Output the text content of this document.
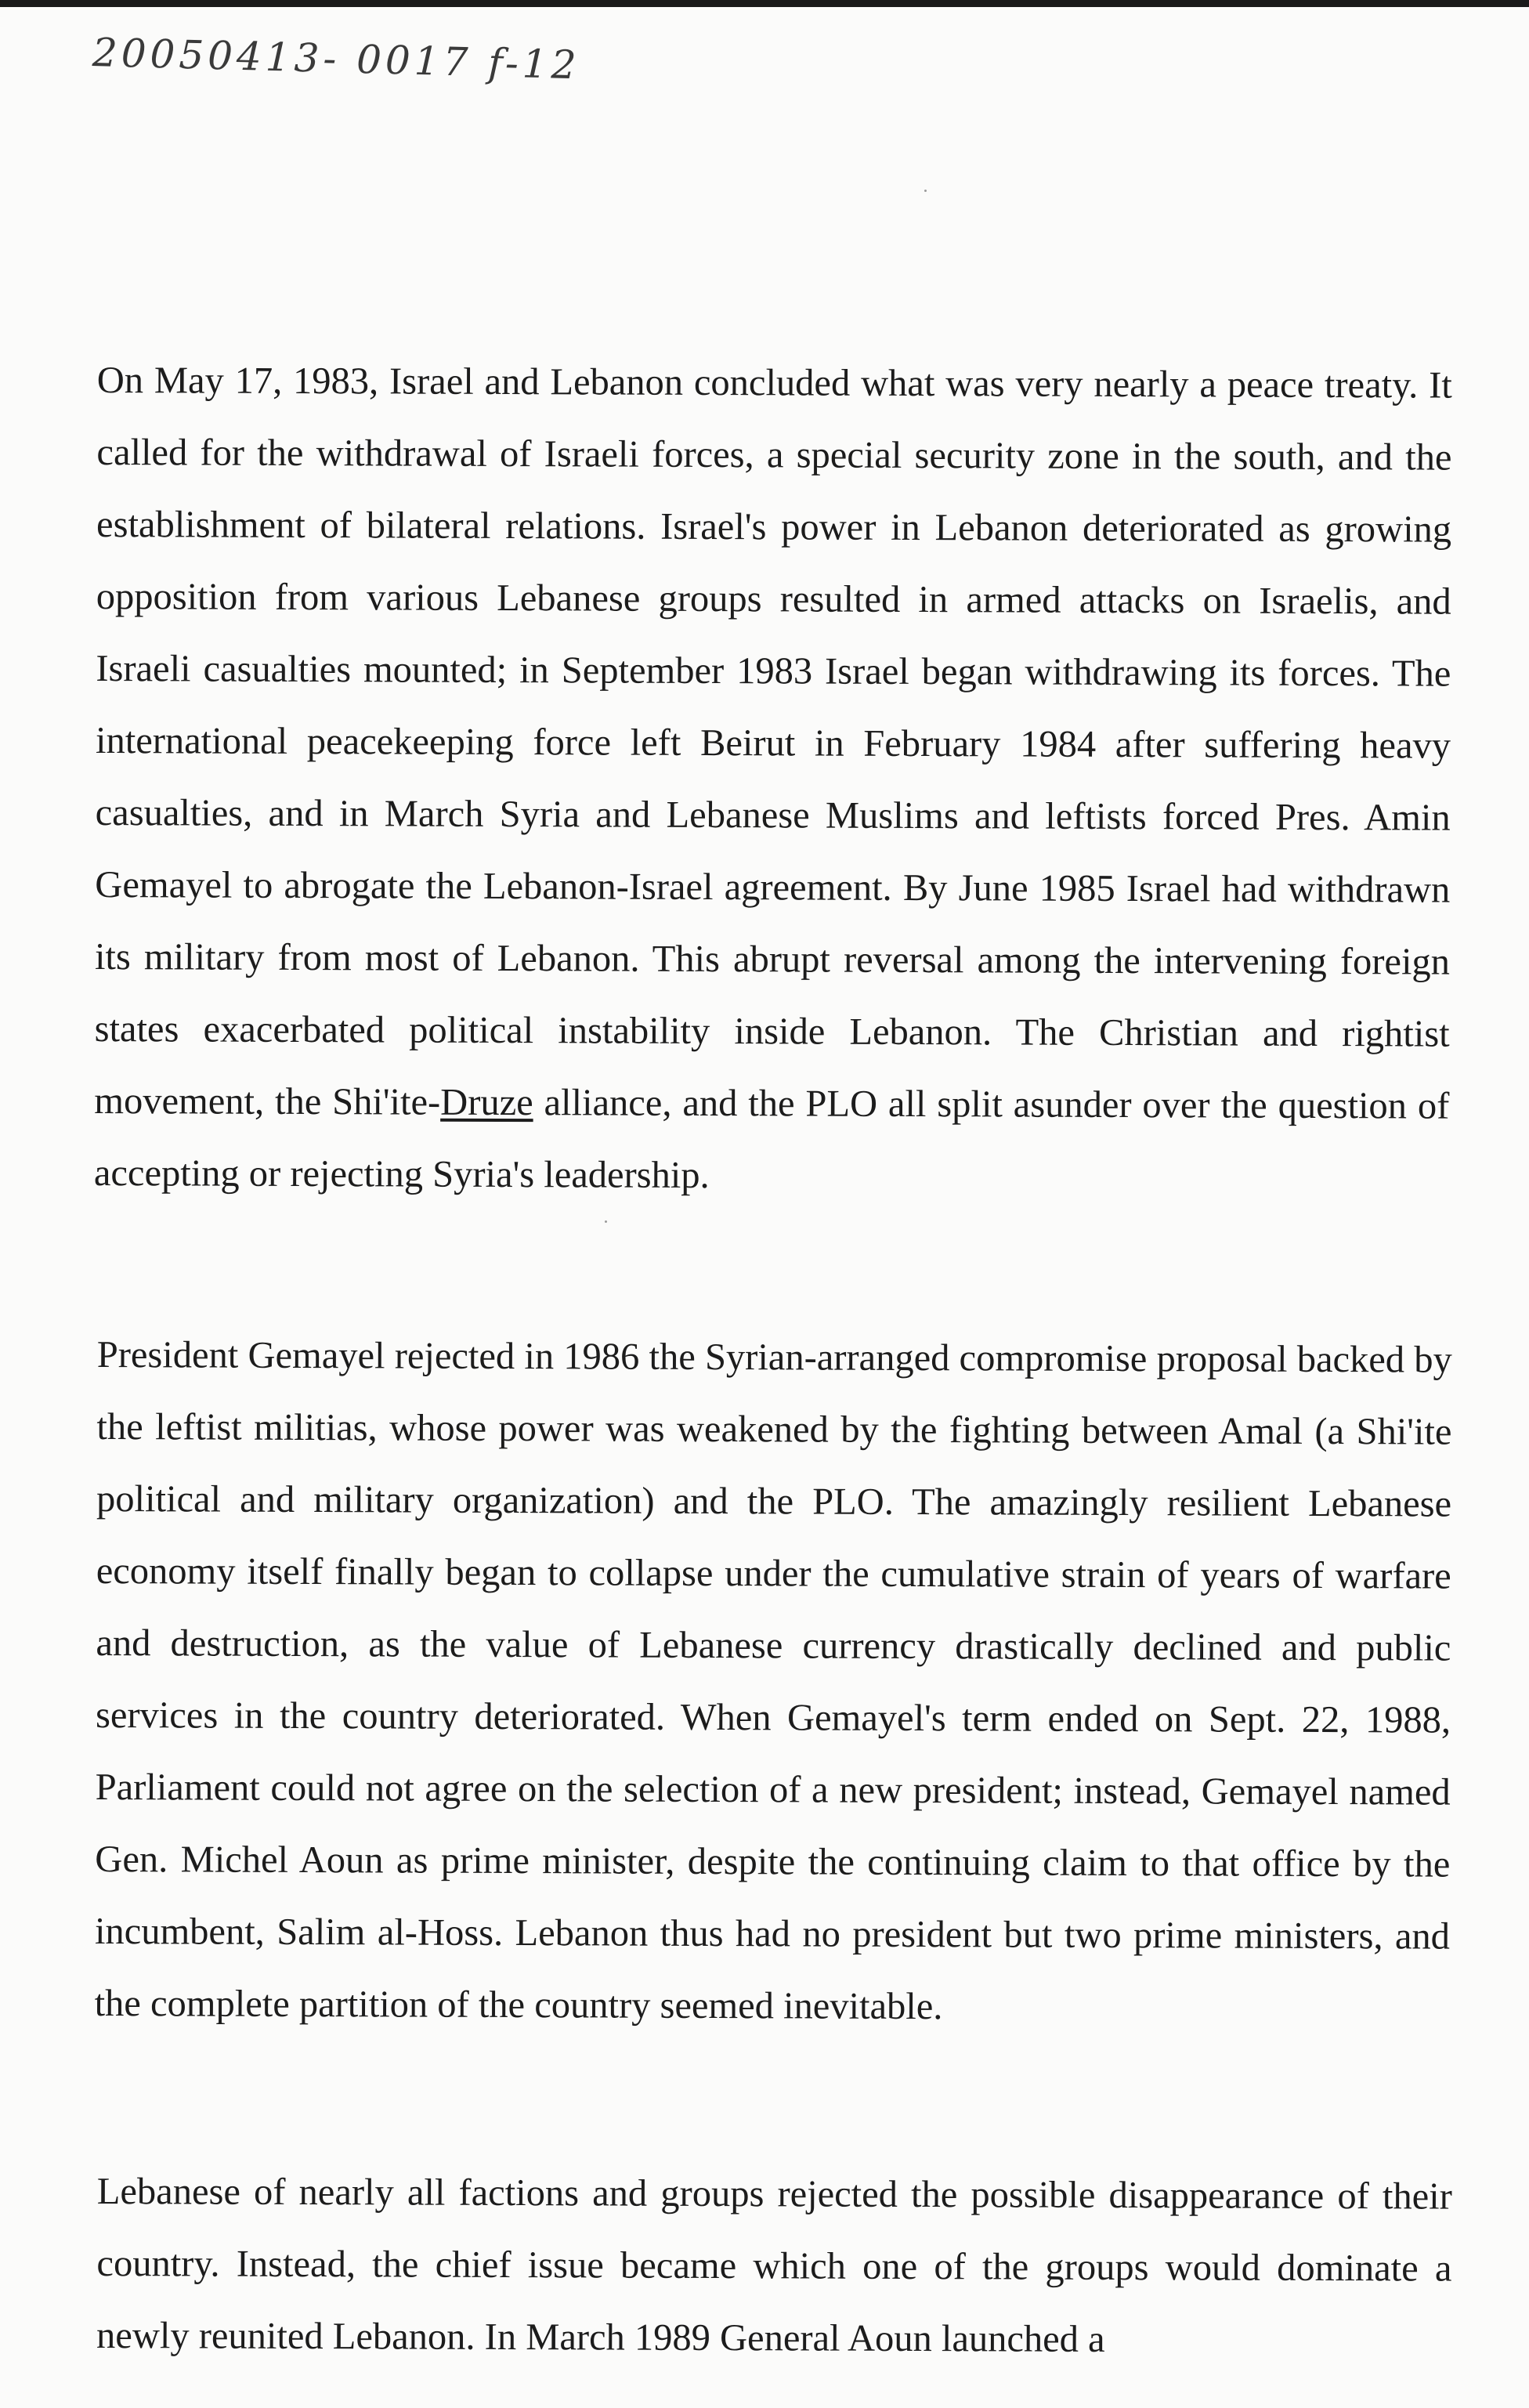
20050413- 0017 f-12

On May 17, 1983, Israel and Lebanon concluded what was very nearly a peace treaty. It called for the withdrawal of Israeli forces, a special security zone in the south, and the establishment of bilateral relations. Israel's power in Lebanon deteriorated as growing opposition from various Lebanese groups resulted in armed attacks on Israelis, and Israeli casualties mounted; in September 1983 Israel began withdrawing its forces. The international peacekeeping force left Beirut in February 1984 after suffering heavy casualties, and in March Syria and Lebanese Muslims and leftists forced Pres. Amin Gemayel to abrogate the Lebanon-Israel agreement. By June 1985 Israel had withdrawn its military from most of Lebanon. This abrupt reversal among the intervening foreign states exacerbated political instability inside Lebanon. The Christian and rightist movement, the Shi'ite-Druze alliance, and the PLO all split asunder over the question of accepting or rejecting Syria's leadership.

President Gemayel rejected in 1986 the Syrian-arranged compromise proposal backed by the leftist militias, whose power was weakened by the fighting between Amal (a Shi'ite political and military organization) and the PLO. The amazingly resilient Lebanese economy itself finally began to collapse under the cumulative strain of years of warfare and destruction, as the value of Lebanese currency drastically declined and public services in the country deteriorated. When Gemayel's term ended on Sept. 22, 1988, Parliament could not agree on the selection of a new president; instead, Gemayel named Gen. Michel Aoun as prime minister, despite the continuing claim to that office by the incumbent, Salim al-Hoss. Lebanon thus had no president but two prime ministers, and the complete partition of the country seemed inevitable.

Lebanese of nearly all factions and groups rejected the possible disappearance of their country. Instead, the chief issue became which one of the groups would dominate a newly reunited Lebanon. In March 1989 General Aoun launched a
